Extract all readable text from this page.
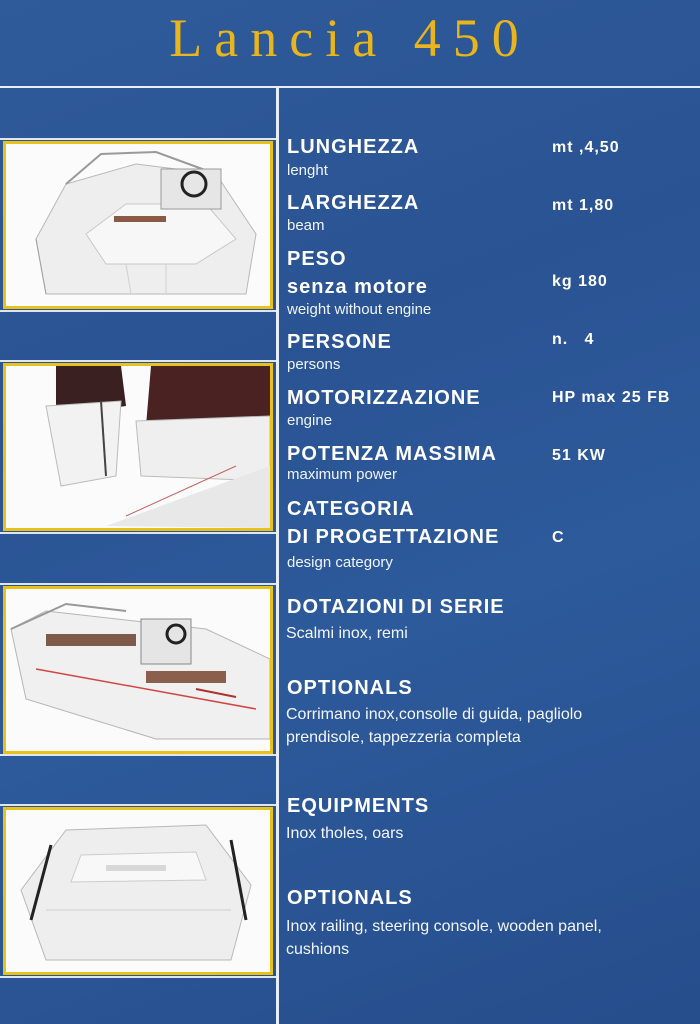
Lancia 450
LUNGHEZZA
lenght
mt ,4,50
LARGHEZZA
beam
mt 1,80
PESO
senza motore
weight without engine
kg 180
PERSONE
persons
n.   4
MOTORIZZAZIONE
engine
HP max 25 FB
POTENZA MASSIMA
maximum power
51 KW
CATEGORIA
DI PROGETTAZIONE
design category
C
DOTAZIONI DI SERIE
Scalmi inox, remi
OPTIONALS
Corrimano inox,consolle di guida, pagliolo
prendisole, tappezzeria completa
EQUIPMENTS
Inox tholes, oars
OPTIONALS
Inox railing, steering console, wooden panel,
cushions
